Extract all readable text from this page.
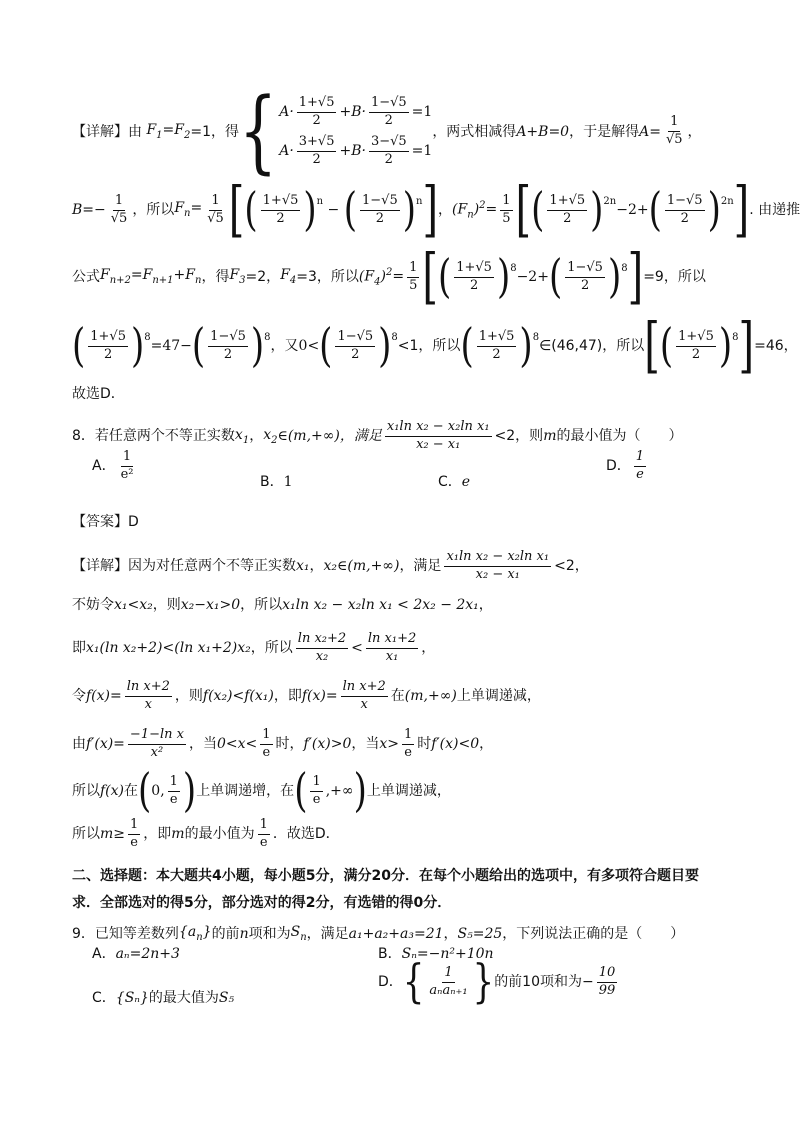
【详解】 由 $F_1=F_2 =1$，得 { $A\cdot \frac{1+√5}{2} +B\cdot \frac{1-√5}{2} =1$
$A\cdot \frac{3+√5}{2} +B\cdot \frac{3-√5}{2} =1$
，两式相减得 A+B=0 ，于是解得 $A= \frac{1}{√5}$ ，
$B=- \frac{1}{√5}$ ，所以 $F_n= \frac{1}{√5}$ [ ( $\frac{1+√5}{2} )^n$
− ( $\frac{1-√5}{2} )^n$ ] ， $(F_n)^2= \frac{1}{5}$ [ ( $\frac{1+√5}{2} )^{2n}$
−2+ ( $\frac{1-√5}{2} )^{2n}$ ] . 由递推
公式 $F_{n+2}=F_{n+1}+F_n$ ，得 $F_3 =2$， $F_4 =3$，所以 $(F_4)^2= \frac{1}{5}$ [ ( $\frac{1+√5}{2} )^8$
−2+ ( $\frac{1-√5}{2} )^8$ ] =9，所以
( $\frac{1+√5}{2} )^8$
=47− ( $\frac{1-√5}{2} )^8$
，又 0< ( $\frac{1-√5}{2} )^8$
<1，所以 ( $\frac{1+√5}{2} )^8$
∈(46,47)，所以 [ ( $\frac{1+√5}{2} )^8$ ] =46，
故选D．
8．若任意两个不等正实数 $x_1$ ， $x_2$ ∈(m,+∞)，满足 $\frac{\text{x₁ln x₂ − x₂ln x₁}}{\text{x₂ − x₁}} <2$，则 m 的最小值为（　　）
A． $\frac{1}{\text{e²}}$	B． 1	C． e
D． $\frac{1}{e}$
【答案】D
【详解】 因为对任意两个不等正实数 x₁ ， x₂∈(m,+∞) ，满足 $\frac{\text{x₁ln x₂ − x₂ln x₁}}{\text{x₂ − x₁}} <2$，
不妨令 x₁<x₂ ，则 x₂−x₁>0 ，所以 x₁ln x₂ − x₂ln x₁ < 2x₂ − 2x₁ ，
即 x₁(ln x₂+2)<(ln x₁+2)x₂ ，所以 $\frac{\text{ln x₂+2}}{\text{x₂}} < \frac{\text{ln x₁+2}}{\text{x₁}}$ ，
令 $f(x)= \frac{\text{ln x+2}}{x}$ ，则 f(x₂)<f(x₁) ，即 $f(x)= \frac{\text{ln x+2}}{x}$ 在 (m,+∞) 上单调递减，
由 $f'(x)= \frac{\text{−1−ln x}}{\text{x²}}$ ，当 $0<x< \frac{1}{e}$ 时， f′(x)>0 ，当 $x> \frac{1}{e}$ 时 f′(x)<0 ，
所以 f(x) 在 ( 0, $\frac{1}{e}$ ) 上单调递增，在 ( $\frac{1}{e}$ ,+∞ ) 上单调递减，
所以 $m\ge \frac{1}{e}$ ，即 m 的最小值为 $\frac{1}{e}$ ．故选D．
二、选择题：本大题共4小题，每小题5分，满分20分．在每个小题给出的选项中，有多项符合题目要
求．全部选对的得5分，部分选对的得2分，有选错的得0分．
9．已知等差数列 $\{a_n\}$ 的前 n 项和为 $S_n$ ，满足 a₁+a₂+a₃=21 ， S₅=25 ，下列说法正确的是（　　）
A． aₙ=2n+3	B． Sₙ=−n²+10n
C． {Sₙ} 的最大值为 S₅
D． { $\frac{1}{\text{aₙaₙ₊₁}}$ } 的前10项和为− $\frac{10}{99}$
